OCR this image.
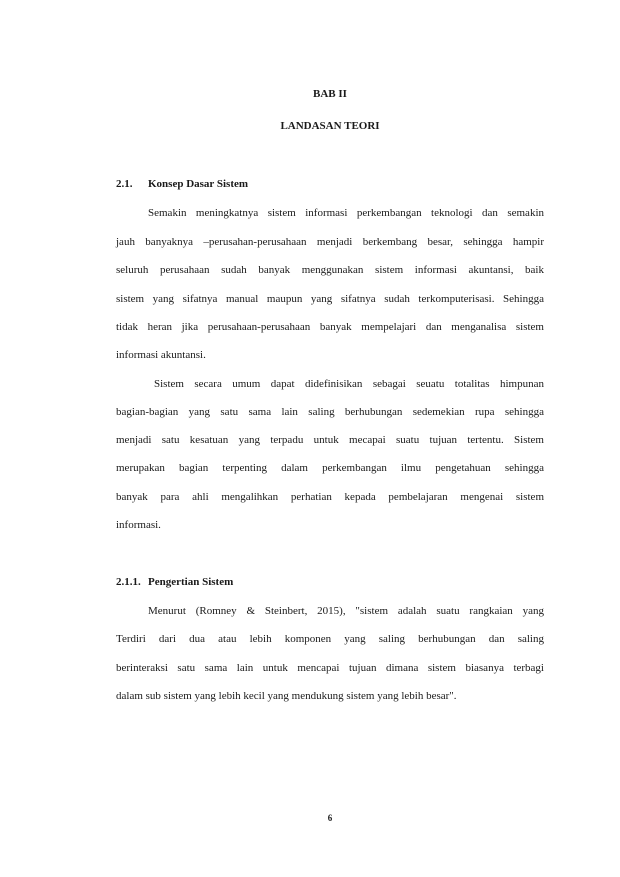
BAB II
LANDASAN TEORI
2.1. Konsep Dasar Sistem
Semakin meningkatnya sistem informasi perkembangan teknologi dan semakin
jauh banyaknya –perusahan-perusahaan menjadi berkembang besar, sehingga hampir
seluruh perusahaan sudah banyak menggunakan sistem informasi akuntansi, baik
sistem yang sifatnya manual maupun yang sifatnya sudah terkomputerisasi. Sehingga
tidak heran jika perusahaan-perusahaan banyak mempelajari dan menganalisa sistem
informasi akuntansi.
Sistem secara umum dapat didefinisikan sebagai seuatu totalitas himpunan
bagian-bagian yang satu sama lain saling berhubungan sedemekian rupa sehingga
menjadi satu kesatuan yang terpadu untuk mecapai suatu tujuan tertentu. Sistem
merupakan bagian terpenting dalam perkembangan ilmu pengetahuan sehingga
banyak para ahli mengalihkan perhatian kepada pembelajaran mengenai sistem
informasi.
2.1.1. Pengertian Sistem
Menurut (Romney & Steinbert, 2015), "sistem adalah suatu rangkaian yang
Terdiri dari dua atau lebih komponen yang saling berhubungan dan saling
berinteraksi satu sama lain untuk mencapai tujuan dimana sistem biasanya terbagi
dalam sub sistem yang lebih kecil yang mendukung sistem yang lebih besar".
6
